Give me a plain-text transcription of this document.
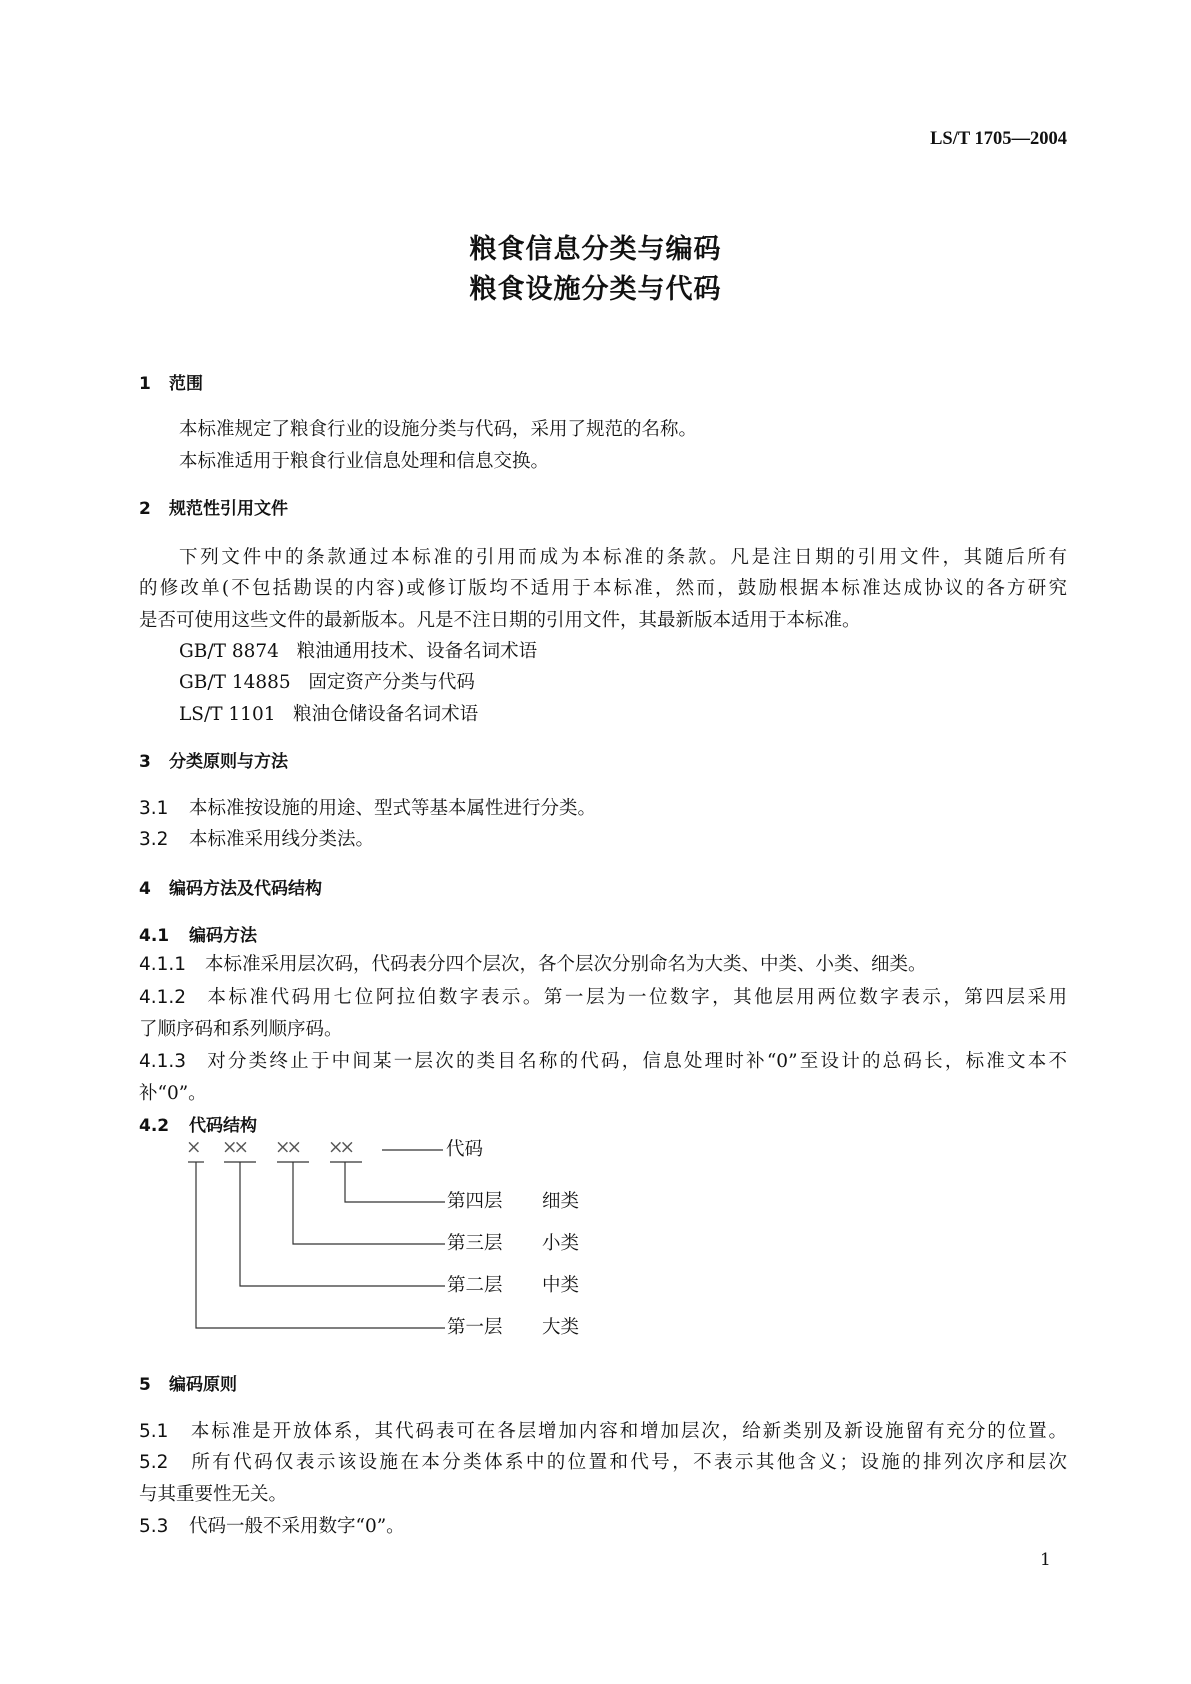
LS/T 1705—2004
粮食信息分类与编码
粮食设施分类与代码
1 范围
本标准规定了粮食行业的设施分类与代码，采用了规范的名称。
本标准适用于粮食行业信息处理和信息交换。
2 规范性引用文件
下列文件中的条款通过本标准的引用而成为本标准的条款。凡是注日期的引用文件，其随后所有
的修改单(不包括勘误的内容)或修订版均不适用于本标准，然而，鼓励根据本标准达成协议的各方研究
是否可使用这些文件的最新版本。凡是不注日期的引用文件，其最新版本适用于本标准。
GB/T 8874 粮油通用技术、设备名词术语
GB/T 14885 固定资产分类与代码
LS/T 1101 粮油仓储设备名词术语
3 分类原则与方法
3.1 本标准按设施的用途、型式等基本属性进行分类。
3.2 本标准采用线分类法。
4 编码方法及代码结构
4.1 编码方法
4.1.1 本标准采用层次码，代码表分四个层次，各个层次分别命名为大类、中类、小类、细类。
4.1.2 本标准代码用七位阿拉伯数字表示。第一层为一位数字，其他层用两位数字表示，第四层采用
了顺序码和系列顺序码。
4.1.3 对分类终止于中间某一层次的类目名称的代码，信息处理时补“0”至设计的总码长，标准文本不
补“0”。
4.2 代码结构
× ×× ×× ××	代码
第四层 细类
第三层 小类
第二层 中类
第一层 大类
5 编码原则
5.1 本标准是开放体系，其代码表可在各层增加内容和增加层次，给新类别及新设施留有充分的位置。
5.2 所有代码仅表示该设施在本分类体系中的位置和代号，不表示其他含义；设施的排列次序和层次
与其重要性无关。
5.3 代码一般不采用数字“0”。
1
